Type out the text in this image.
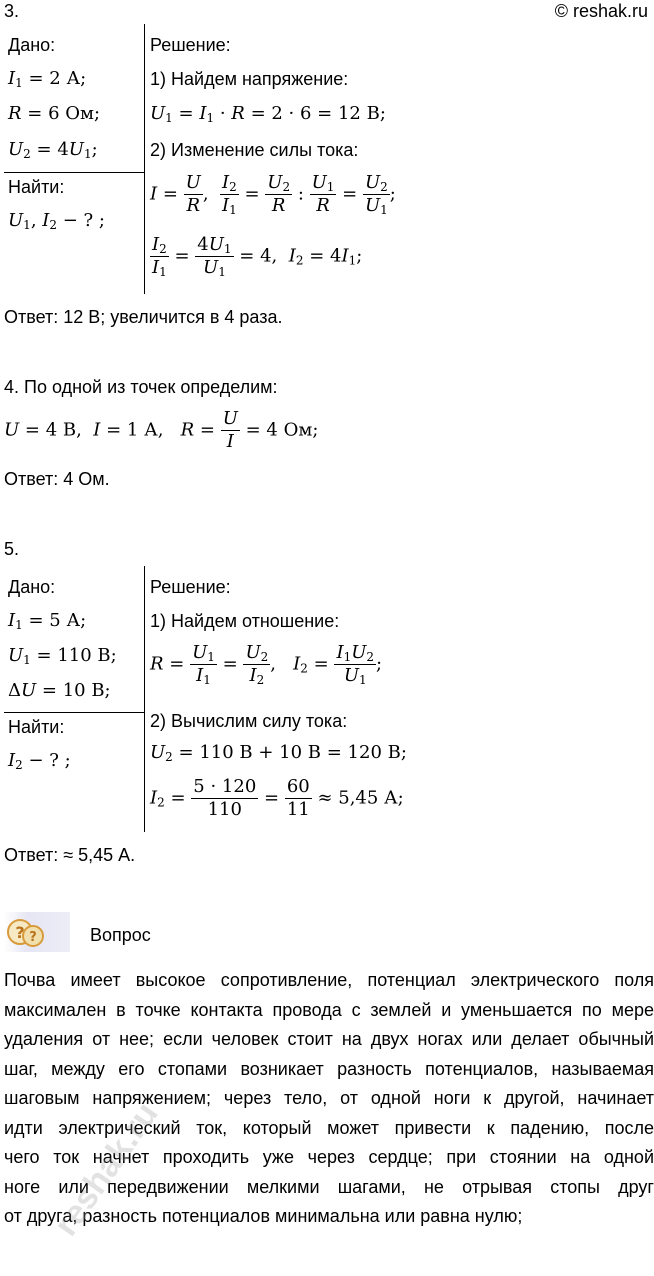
3.	© reshak.ru
Дано:
$I_1 = 2$ А;
R = 6 Ом;
$U_2 = 4U_1$;
Найти:
$U_1$, $I_2$ − ? ;
Решение:
1) Найдем напряжение:
$U_1 = I_1 \cdot R = 2 \cdot 6 = 12$ В;
2) Изменение силы тока:
$I = \frac{U}{R}$ , $\frac{I_2}{I_1} = \frac{U_2}{R}$ : $\frac{U_1}{R} = \frac{U_2}{U_1}$ ;
$\frac{I_2}{I_1} = \frac{4U_1}{U_1} = 4$,  $I_2 = 4I_1$;
Ответ: 12 В; увеличится в 4 раза.
4. По одной из точек определим:
U = 4 В,  I = 1 А,   $R = \frac{U}{I} = 4$ Ом;
Ответ: 4 Ом.
5.
Дано:
$I_1 = 5$ А;
$U_1 = 110$ В;
ΔU = 10 В;
Найти:
$I_2$ − ? ;
Решение:
1) Найдем отношение:
$R = \frac{U_1}{I_1} = \frac{U_2}{I_2}$ ,   $I_2 = \frac{I_1U_2}{U_1}$ ;
2) Вычислим силу тока:
$U_2 = 110$ В + 10 В = 120 В;
$I_2 = \frac{5 \cdot 120}{110} = \frac{60}{11} \approx 5,45$ А;
Ответ: ≈ 5,45 А.
? ?	Вопрос
Почва имеет высокое сопротивление, потенциал электрического поля
максимален в точке контакта провода с землей и уменьшается по мере
удаления от нее; если человек стоит на двух ногах или делает обычный
шаг, между его стопами возникает разность потенциалов, называемая
шаговым напряжением; через тело, от одной ноги к другой, начинает
идти электрический ток, который может привести к падению, после
чего ток начнет проходить уже через сердце; при стоянии на одной
ноге или передвижении мелкими шагами, не отрывая стопы друг
от друга, разность потенциалов минимальна или равна нулю;
reshak.ru
